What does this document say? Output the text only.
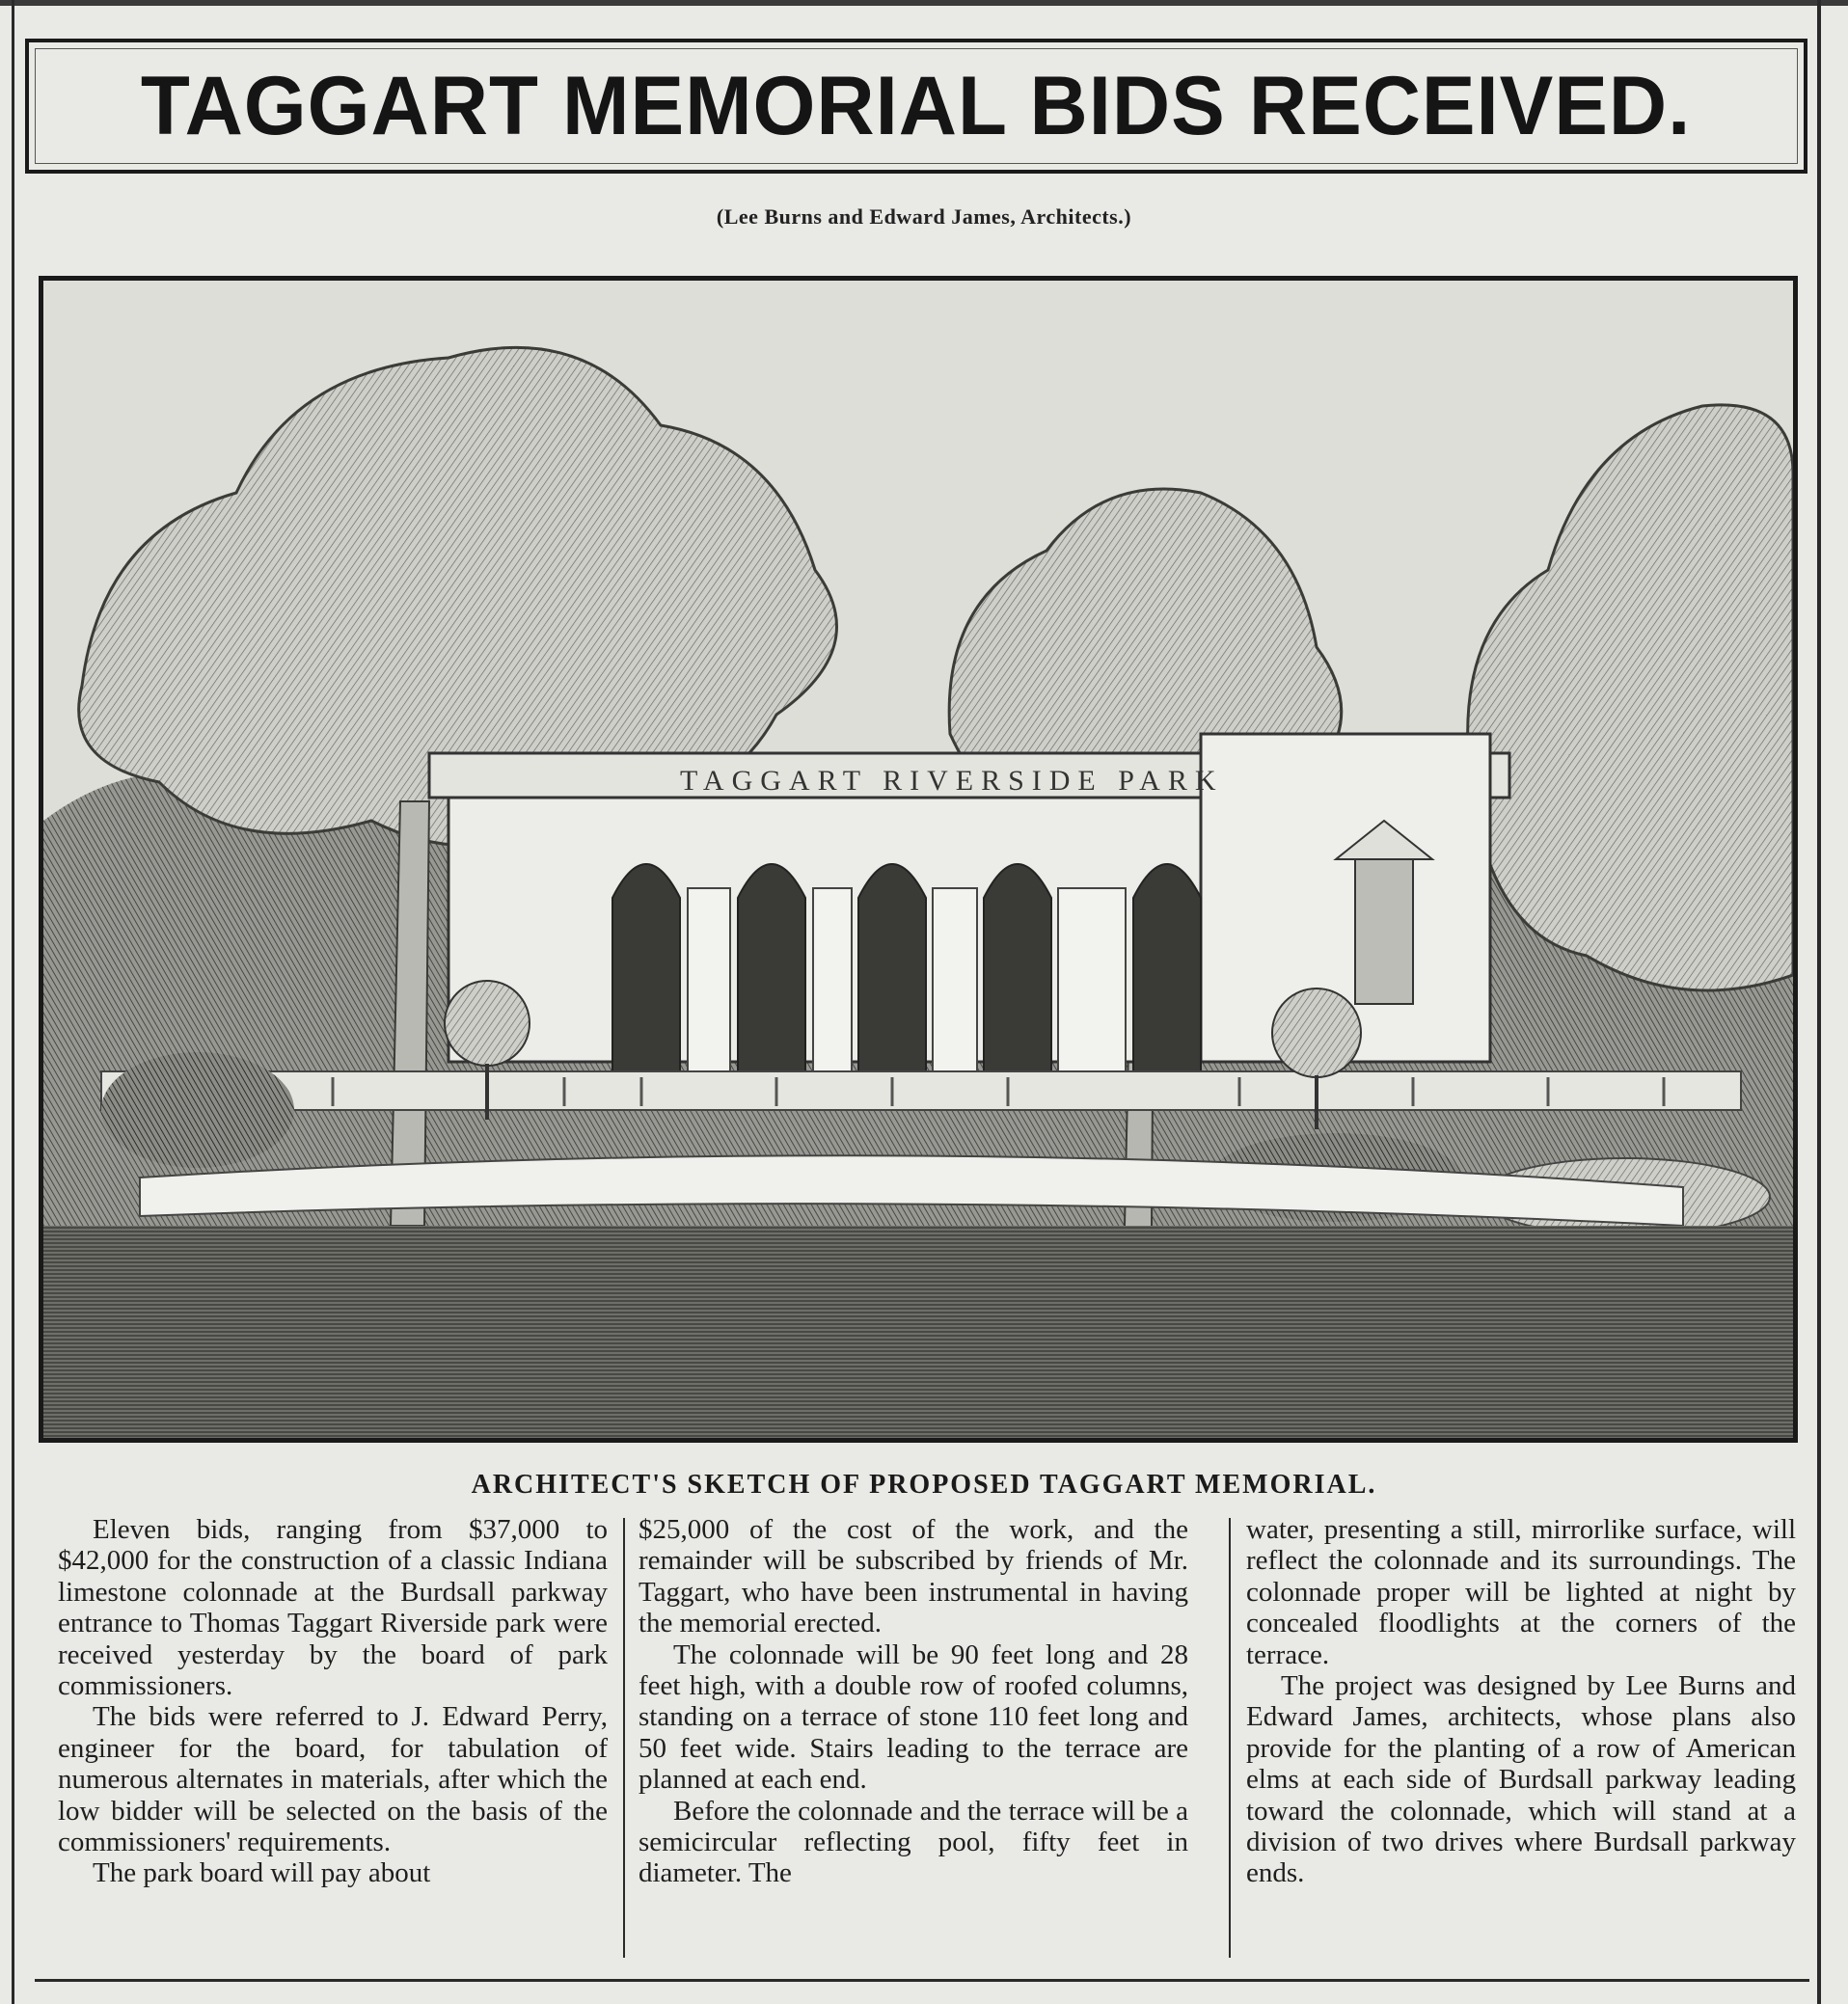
TAGGART MEMORIAL BIDS RECEIVED.
(Lee Burns and Edward James, Architects.)
TAGGART RIVERSIDE PARK
ARCHITECT'S SKETCH OF PROPOSED TAGGART MEMORIAL.

Eleven bids, ranging from $37,000 to $42,000 for the construction of a classic Indiana limestone colonnade at the Burdsall parkway entrance to Thomas Taggart Riverside park were received yesterday by the board of park commissioners.

The bids were referred to J. Edward Perry, engineer for the board, for tabulation of numerous alternates in materials, after which the low bidder will be selected on the basis of the commissioners' requirements.

The park board will pay about

$25,000 of the cost of the work, and the remainder will be subscribed by friends of Mr. Taggart, who have been instrumental in having the memorial erected.

The colonnade will be 90 feet long and 28 feet high, with a double row of roofed columns, standing on a terrace of stone 110 feet long and 50 feet wide. Stairs leading to the terrace are planned at each end.

Before the colonnade and the terrace will be a semicircular reflecting pool, fifty feet in diameter. The

water, presenting a still, mirrorlike surface, will reflect the colonnade and its surroundings. The colonnade proper will be lighted at night by concealed floodlights at the corners of the terrace.

The project was designed by Lee Burns and Edward James, architects, whose plans also provide for the planting of a row of American elms at each side of Burdsall parkway leading toward the colonnade, which will stand at a division of two drives where Burdsall parkway ends.
